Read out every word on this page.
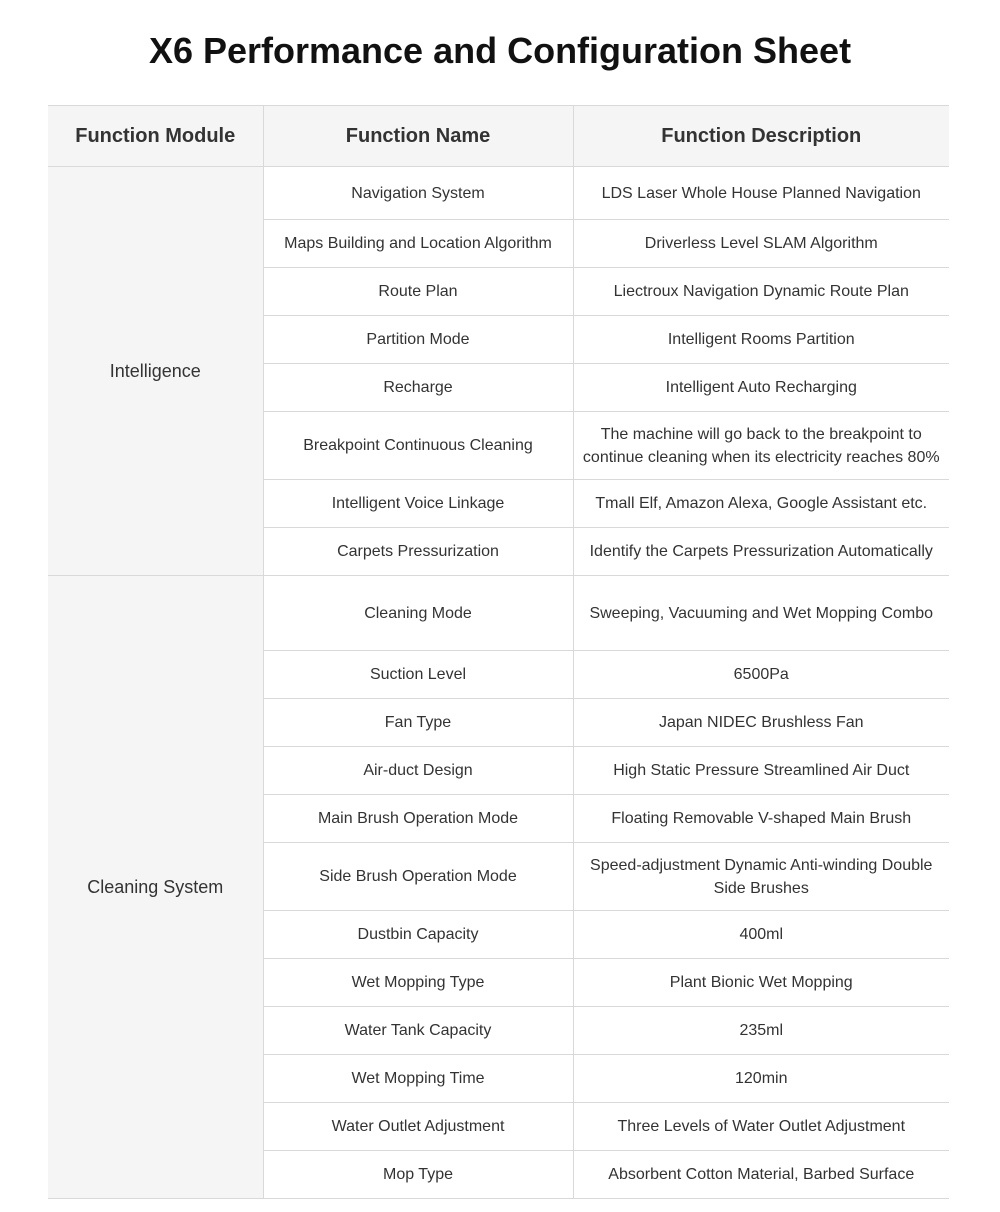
X6 Performance and Configuration Sheet
Function Module	Function Name	Function Description
Intelligence	Navigation System	LDS Laser Whole House Planned Navigation
	Maps Building and Location Algorithm	Driverless Level SLAM Algorithm
	Route Plan	Liectroux Navigation Dynamic Route Plan
	Partition Mode	Intelligent Rooms Partition
	Recharge	Intelligent Auto Recharging
	Breakpoint Continuous Cleaning	The machine will go back to the breakpoint to continue cleaning when its electricity reaches 80%
	Intelligent Voice Linkage	Tmall Elf, Amazon Alexa, Google Assistant etc.
	Carpets Pressurization	Identify the Carpets Pressurization Automatically
Cleaning System	Cleaning Mode	Sweeping, Vacuuming and Wet Mopping Combo
	Suction Level	6500Pa
	Fan Type	Japan NIDEC Brushless Fan
	Air-duct Design	High Static Pressure Streamlined Air Duct
	Main Brush Operation Mode	Floating Removable V-shaped Main Brush
	Side Brush Operation Mode	Speed-adjustment Dynamic Anti-winding Double Side Brushes
	Dustbin Capacity	400ml
	Wet Mopping Type	Plant Bionic Wet Mopping
	Water Tank Capacity	235ml
	Wet Mopping Time	120min
	Water Outlet Adjustment	Three Levels of Water Outlet Adjustment
	Mop Type	Absorbent Cotton Material, Barbed Surface
